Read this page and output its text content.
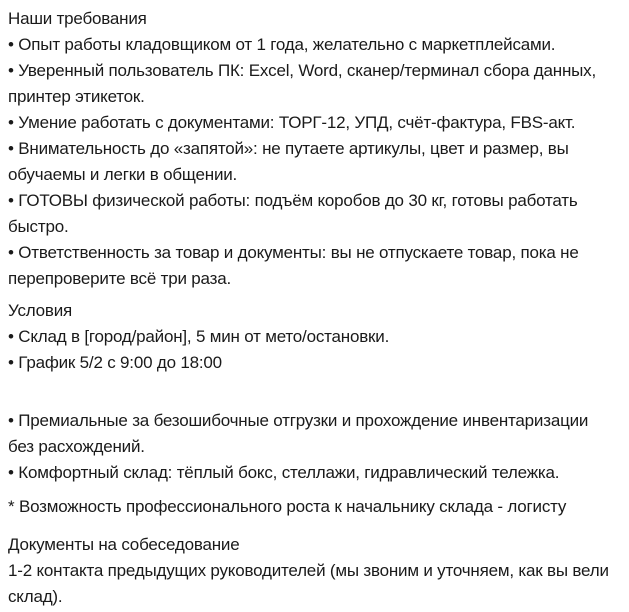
Наши требования

• Опыт работы кладовщиком от 1 года, желательно с маркетплейсами.

• Уверенный пользователь ПК: Excel, Word, сканер/терминал сбора данных,
принтер этикеток.

• Умение работать с документами: ТОРГ-12, УПД, счёт-фактура, FBS-акт.

• Внимательность до «запятой»: не путаете артикулы, цвет и размер, вы
обучаемы и легки в общении.

• ГОТОВЫ физической работы: подъём коробов до 30 кг, готовы работать
быстро.

• Ответственность за товар и документы: вы не отпускаете товар, пока не
перепроверите всё три раза.

Условия

• Склад в [город/район], 5 мин от мето/остановки.

• График 5/2 с 9:00 до 18:00

• Премиальные за безошибочные отгрузки и прохождение инвентаризации
без расхождений.

• Комфортный склад: тёплый бокс, стеллажи, гидравлический тележка.

* Возможность профессионального роста к начальнику склада - логисту

Документы на собеседование

1-2 контакта предыдущих руководителей (мы звоним и уточняем, как вы вели
склад).
